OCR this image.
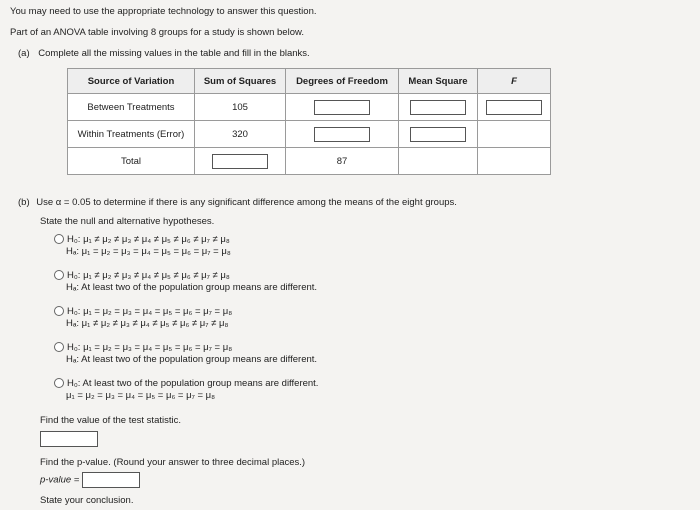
You may need to use the appropriate technology to answer this question.
Part of an ANOVA table involving 8 groups for a study is shown below.
(a) Complete all the missing values in the table and fill in the blanks.
Source of Variation	Sum of Squares	Degrees of Freedom	Mean Square	F
Between Treatments	105			
Within Treatments (Error)	320			
Total		87		
(b) Use α = 0.05 to determine if there is any significant difference among the means of the eight groups.
State the null and alternative hypotheses.
H₀: μ₁ ≠ μ₂ ≠ μ₃ ≠ μ₄ ≠ μ₅ ≠ μ₆ ≠ μ₇ ≠ μ₈
Hₐ: μ₁ = μ₂ = μ₃ = μ₄ = μ₅ = μ₆ = μ₇ = μ₈
H₀: μ₁ ≠ μ₂ ≠ μ₃ ≠ μ₄ ≠ μ₅ ≠ μ₆ ≠ μ₇ ≠ μ₈
Hₐ: At least two of the population group means are different.
H₀: μ₁ = μ₂ = μ₃ = μ₄ = μ₅ = μ₆ = μ₇ = μ₈
Hₐ: μ₁ ≠ μ₂ ≠ μ₃ ≠ μ₄ ≠ μ₅ ≠ μ₆ ≠ μ₇ ≠ μ₈
H₀: μ₁ = μ₂ = μ₃ = μ₄ = μ₅ = μ₆ = μ₇ = μ₈
Hₐ: At least two of the population group means are different.
H₀: At least two of the population group means are different.
μ₁ = μ₂ = μ₃ = μ₄ = μ₅ = μ₆ = μ₇ = μ₈
Find the value of the test statistic.
Find the p-value. (Round your answer to three decimal places.)
p-value =
State your conclusion.
